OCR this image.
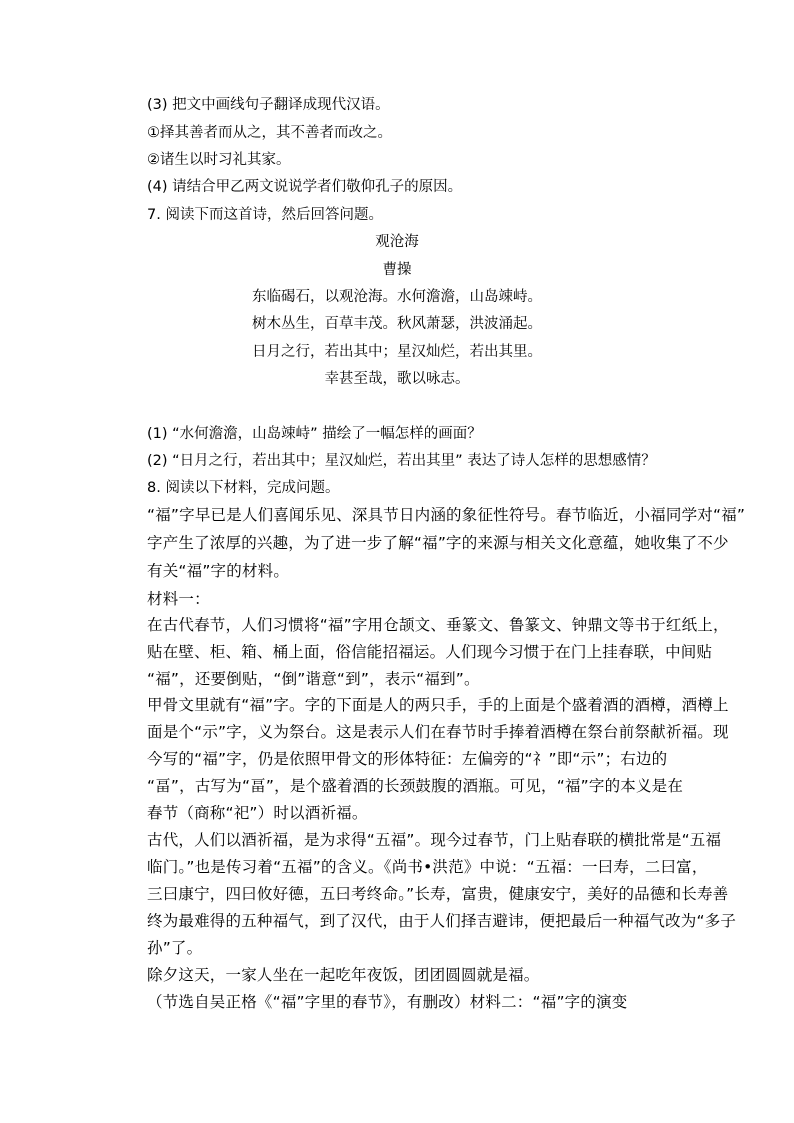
(3) 把文中画线句子翻译成现代汉语。
①择其善者而从之，其不善者而改之。
②诸生以时习礼其家。
(4) 请结合甲乙两文说说学者们敬仰孔子的原因。
7. 阅读下而这首诗，然后回答问题。
观沧海
曹操
东临碣石，以观沧海。水何澹澹，山岛竦峙。
树木丛生，百草丰茂。秋风萧瑟，洪波涌起。
日月之行，若出其中；星汉灿烂，若出其里。
幸甚至哉，歌以咏志。
(1) “水何澹澹，山岛竦峙” 描绘了一幅怎样的画面？
(2) “日月之行，若出其中；星汉灿烂，若出其里” 表达了诗人怎样的思想感情？
8. 阅读以下材料，完成问题。
“福”字早已是人们喜闻乐见、深具节日内涵的象征性符号。春节临近，小福同学对“福”
字产生了浓厚的兴趣，为了进一步了解“福”字的来源与相关文化意蕴，她收集了不少
有关“福”字的材料。
材料一：
在古代春节，人们习惯将“福”字用仓颉文、垂篆文、鲁篆文、钟鼎文等书于红纸上，
贴在壁、柜、箱、桶上面，俗信能招福运。人们现今习惯于在门上挂春联，中间贴
“福”，还要倒贴，“倒”谐意“到”，表示“福到”。
甲骨文里就有“福”字。字的下面是人的两只手，手的上面是个盛着酒的酒樽，酒樽上
面是个“示”字，义为祭台。这是表示人们在春节时手捧着酒樽在祭台前祭献祈福。现
今写的“福”字，仍是依照甲骨文的形体特征：左偏旁的“礻”即“示”；右边的
“畐”，古写为“畐”，是个盛着酒的长颈鼓腹的酒瓶。可见，“福”字的本义是在
春节（商称“祀”）时以酒祈福。
古代，人们以酒祈福，是为求得“五福”。现今过春节，门上贴春联的横批常是“五福
临门。”也是传习着“五福”的含义。《尚书•洪范》中说：“五福：一曰寿，二曰富，
三曰康宁，四曰攸好德，五曰考终命。”长寿，富贵，健康安宁，美好的品德和长寿善
终为最难得的五种福气，到了汉代，由于人们择吉避讳，便把最后一种福气改为“多子
孙”了。
除夕这天，一家人坐在一起吃年夜饭，团团圆圆就是福。
（节选自吴正格《“福”字里的春节》，有删改）材料二：“福”字的演变
